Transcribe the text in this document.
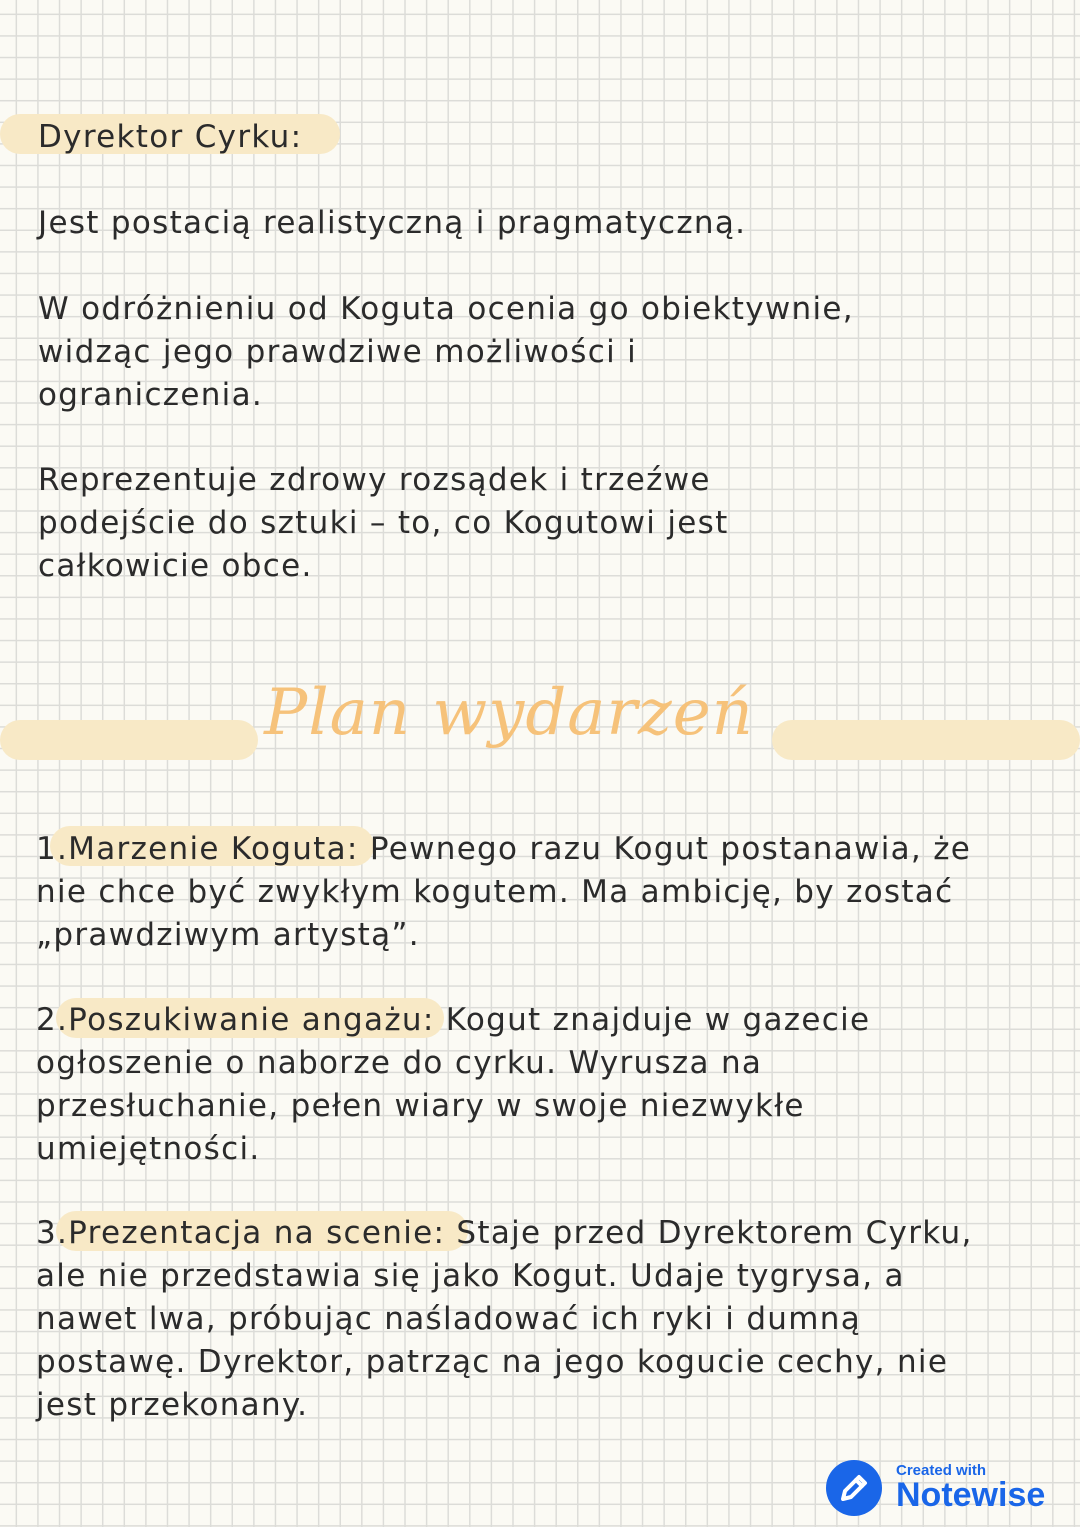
Dyrektor Cyrku:
Jest postacią realistyczną i pragmatyczną.
W odróżnieniu od Koguta ocenia go obiektywnie,
widząc jego prawdziwe możliwości i
ograniczenia.
Reprezentuje zdrowy rozsądek i trzeźwe
podejście do sztuki – to, co Kogutowi jest
całkowicie obce.
Plan wydarzeń
1.Marzenie Koguta: Pewnego razu Kogut postanawia, że
nie chce być zwykłym kogutem. Ma ambicję, by zostać
„prawdziwym artystą”.
2.Poszukiwanie angażu: Kogut znajduje w gazecie
ogłoszenie o naborze do cyrku. Wyrusza na
przesłuchanie, pełen wiary w swoje niezwykłe
umiejętności.
3.Prezentacja na scenie: Staje przed Dyrektorem Cyrku,
ale nie przedstawia się jako Kogut. Udaje tygrysa, a
nawet lwa, próbując naśladować ich ryki i dumną
postawę. Dyrektor, patrząc na jego kogucie cechy, nie
jest przekonany.
Created with
Notewise
